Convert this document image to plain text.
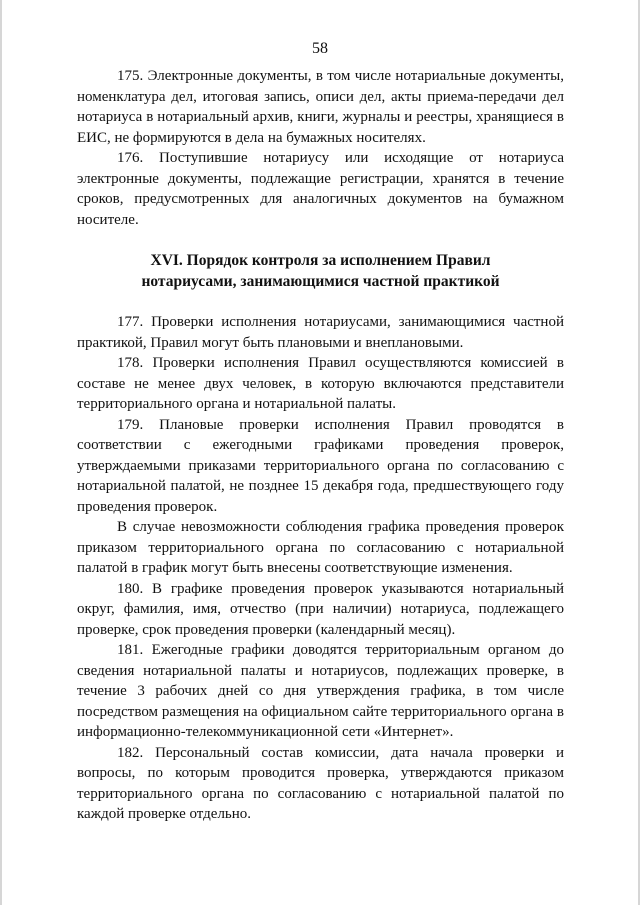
58

175. Электронные документы, в том числе нотариальные документы, номенклатура дел, итоговая запись, описи дел, акты приема-передачи дел нотариуса в нотариальный архив, книги, журналы и реестры, хранящиеся в ЕИС, не формируются в дела на бумажных носителях.

176. Поступившие нотариусу или исходящие от нотариуса электронные документы, подлежащие регистрации, хранятся в течение сроков, предусмотренных для аналогичных документов на бумажном носителе.

XVI. Порядок контроля за исполнением Правил
нотариусами, занимающимися частной практикой

177. Проверки исполнения нотариусами, занимающимися частной практикой, Правил могут быть плановыми и внеплановыми.

178. Проверки исполнения Правил осуществляются комиссией в составе не менее двух человек, в которую включаются представители территориального органа и нотариальной палаты.

179. Плановые проверки исполнения Правил проводятся в соответствии с ежегодными графиками проведения проверок, утверждаемыми приказами территориального органа по согласованию с нотариальной палатой, не позднее 15 декабря года, предшествующего году проведения проверок.

В случае невозможности соблюдения графика проведения проверок приказом территориального органа по согласованию с нотариальной палатой в график могут быть внесены соответствующие изменения.

180. В графике проведения проверок указываются нотариальный округ, фамилия, имя, отчество (при наличии) нотариуса, подлежащего проверке, срок проведения проверки (календарный месяц).

181. Ежегодные графики доводятся территориальным органом до сведения нотариальной палаты и нотариусов, подлежащих проверке, в течение 3 рабочих дней со дня утверждения графика, в том числе посредством размещения на официальном сайте территориального органа в информационно-телекоммуникационной сети «Интернет».

182. Персональный состав комиссии, дата начала проверки и вопросы, по которым проводится проверка, утверждаются приказом территориального органа по согласованию с нотариальной палатой по каждой проверке отдельно.
